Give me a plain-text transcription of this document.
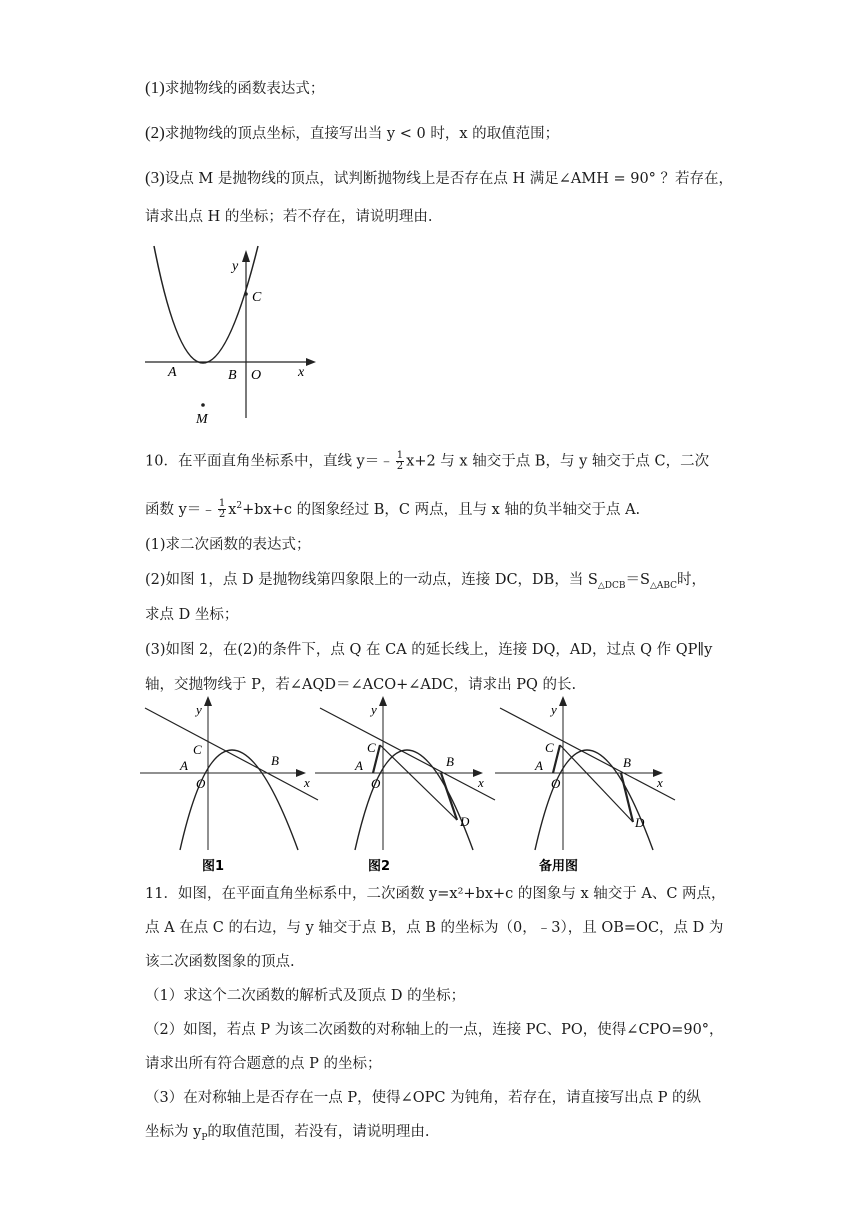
(1)求抛物线的函数表达式；
(2)求抛物线的顶点坐标，直接写出当 y < 0 时，x 的取值范围；
(3)设点 M 是抛物线的顶点，试判断抛物线上是否存在点 H 满足∠AMH = 90° ？若存在，
请求出点 H 的坐标；若不存在，请说明理由.
y
C
A	B O	x
M
10．在平面直角坐标系中，直线 y＝﹣ $\frac{1}{2} x+2$ 与 x 轴交于点 B，与 y 轴交于点 C，二次
函数 y＝﹣ $\frac{1}{2} x^2+bx+c$ 的图象经过 B，C 两点，且与 x 轴的负半轴交于点 A.
(1)求二次函数的表达式；
(2)如图 1，点 D 是抛物线第四象限上的一动点，连接 DC，DB，当 $S_{\triangle DCB}=S_{\triangle ABC}$时，
求点 D 坐标；
(3)如图 2，在(2)的条件下，点 Q 在 CA 的延长线上，连接 DQ，AD，过点 Q 作 QP∥y
轴，交抛物线于 P，若∠AQD＝∠ACO+∠ADC，请求出 PQ 的长.
y
C
A
O
B
x
图1
y
C
A
O
B
x
D
图2
y
C
A
O
B
x
D
备用图
11．如图，在平面直角坐标系中，二次函数 y=x²+bx+c 的图象与 x 轴交于 A、C 两点，
点 A 在点 C 的右边，与 y 轴交于点 B，点 B 的坐标为（0，﹣3），且 OB=OC，点 D 为
该二次函数图象的顶点.
（1）求这个二次函数的解析式及顶点 D 的坐标；
（2）如图，若点 P 为该二次函数的对称轴上的一点，连接 PC、PO，使得∠CPO=90°，
请求出所有符合题意的点 P 的坐标；
（3）在对称轴上是否存在一点 P，使得∠OPC 为钝角，若存在，请直接写出点 P 的纵
坐标为 $y_P$的取值范围，若没有，请说明理由.
